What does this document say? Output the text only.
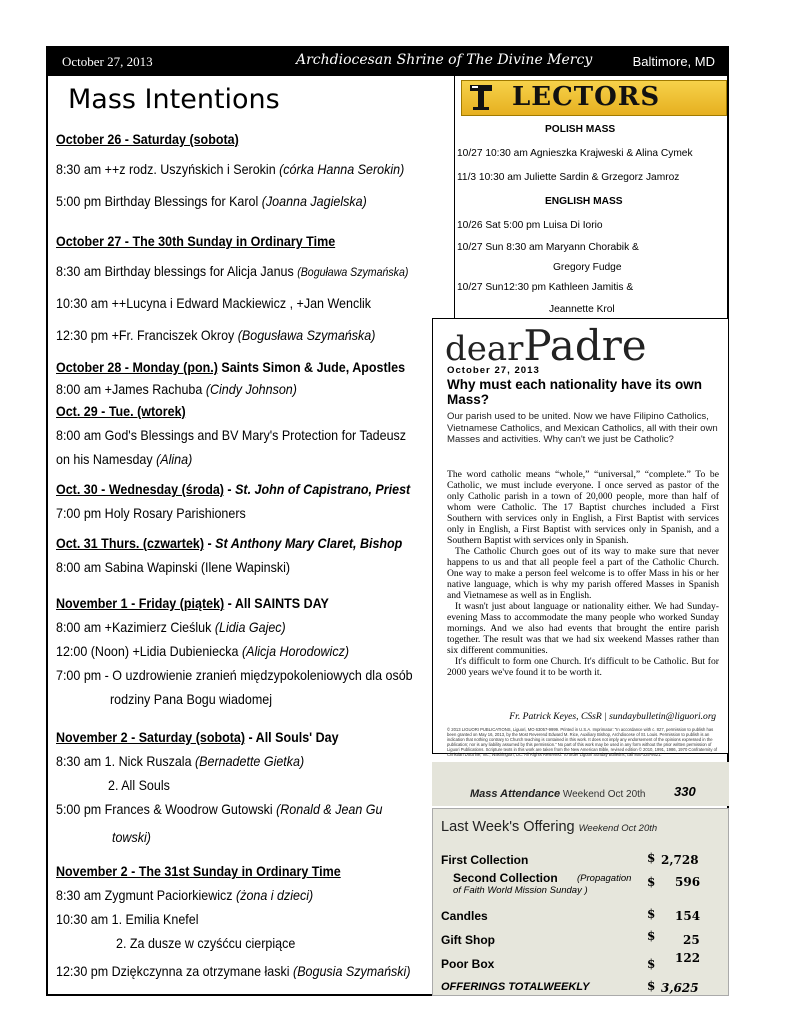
October 27, 2013	Archdiocesan Shrine of The Divine Mercy	Baltimore, MD
Mass Intentions
October 26 - Saturday (sobota)
8:30 am ++z rodz. Uszyńskich i Serokin (córka Hanna Serokin)
5:00 pm Birthday Blessings for Karol (Joanna Jagielska)
October 27 - The 30th Sunday in Ordinary Time
8:30 am Birthday blessings for Alicja Janus (Boguława Szymańska)
10:30 am ++Lucyna i Edward Mackiewicz , +Jan Wenclik
12:30 pm +Fr. Franciszek Okroy (Bogusława Szymańska)
October 28 - Monday (pon.) Saints Simon & Jude, Apostles
8:00 am +James Rachuba (Cindy Johnson)
Oct. 29 - Tue. (wtorek)
8:00 am God's Blessings and BV Mary's Protection for Tadeusz
on his Namesday (Alina)
Oct. 30 - Wednesday (środa) - St. John of Capistrano, Priest
7:00 pm Holy Rosary Parishioners
Oct. 31 Thurs. (czwartek) - St Anthony Mary Claret, Bishop
8:00 am Sabina Wapinski (Ilene Wapinski)
November 1 - Friday (piątek) - All SAINTS DAY
8:00 am +Kazimierz Cieśluk (Lidia Gajec)
12:00 (Noon) +Lidia Dubieniecka (Alicja Horodowicz)
7:00 pm - O uzdrowienie zranień międzypokoleniowych dla osób
rodziny Pana Bogu wiadomej
November 2 - Saturday (sobota) - All Souls' Day
8:30 am 1. Nick Ruszala (Bernadette Gietka)
2. All Souls
5:00 pm Frances & Woodrow Gutowski (Ronald & Jean Gu
towski)
November 2 - The 31st Sunday in Ordinary Time
8:30 am Zygmunt Paciorkiewicz (żona i dzieci)
10:30 am 1. Emilia Knefel
2. Za dusze w czyśćcu cierpiące
12:30 pm Dziękczynna za otrzymane łaski (Bogusia Szymański)
LECTORS
POLISH MASS
10/27 10:30 am Agnieszka Krajweski & Alina Cymek
11/3 10:30 am Juliette Sardin & Grzegorz Jamroz
ENGLISH MASS
10/26 Sat 5:00 pm Luisa Di Iorio
10/27 Sun 8:30 am Maryann Chorabik &
Gregory Fudge
10/27 Sun12:30 pm Kathleen Jamitis &
Jeannette Krol
dearPadre
October 27, 2013
Why must each nationality have its own Mass?
Our parish used to be united. Now we have Filipino Catholics, Vietnamese Catholics, and Mexican Catholics, all with their own Masses and activities. Why can't we just be Catholic?

The word catholic means “whole,” “universal,” “complete.” To be Catholic, we must include everyone. I once served as pastor of the only Catholic parish in a town of 20,000 people, more than half of whom were Catholic. The 17 Baptist churches included a First Southern with services only in English, a First Baptist with services only in English, a First Baptist with services only in Spanish, and a Southern Baptist with services only in Spanish.

The Catholic Church goes out of its way to make sure that never happens to us and that all people feel a part of the Catholic Church. One way to make a person feel welcome is to offer Mass in his or her native language, which is why my parish offered Masses in Spanish and Vietnamese as well as in English.

It wasn't just about language or nationality either. We had Sunday-evening Mass to accommodate the many people who worked Sunday mornings. And we also had events that brought the entire parish together. The result was that we had six weekend Masses rather than six different communities.

It's difficult to form one Church. It's difficult to be Catholic. But for 2000 years we've found it to be worth it.

Fr. Patrick Keyes, CSsR | sundaybulletin@liguori.org
© 2013 LIGUORI PUBLICATIONS, Liguori, MO 63057-9999. Printed in U.S.A. Imprimatur: “In accordance with c. 827, permission to publish has been granted on May 16, 2013, by the Most Reverend Edward M. Rice, Auxiliary Bishop, Archdiocese of St. Louis. Permission to publish is an indication that nothing contrary to Church teaching is contained in this work. It does not imply any endorsement of the opinions expressed in the publication; nor is any liability assumed by this permission.” No part of this work may be used in any form without the prior written permission of Liguori Publications. Scripture texts in this work are taken from the New American Bible, revised edition © 2010, 1991, 1986, 1970 Confraternity of Christian Doctrine, Inc., Washington, DC. All Rights Reserved. To order Liguori Sunday Bulletins, call 800-325-9521.
Mass Attendance Weekend Oct 20th 330
Last Week's Offering Weekend Oct 20th
First Collection	$ 2,728
Second Collection (Propagation
of Faith World Mission Sunday )
$ 596
Candles	$ 154
Gift Shop	$ 25
Poor Box	$ 122
OFFERINGS TOTALWEEKLY	$ 3,625
